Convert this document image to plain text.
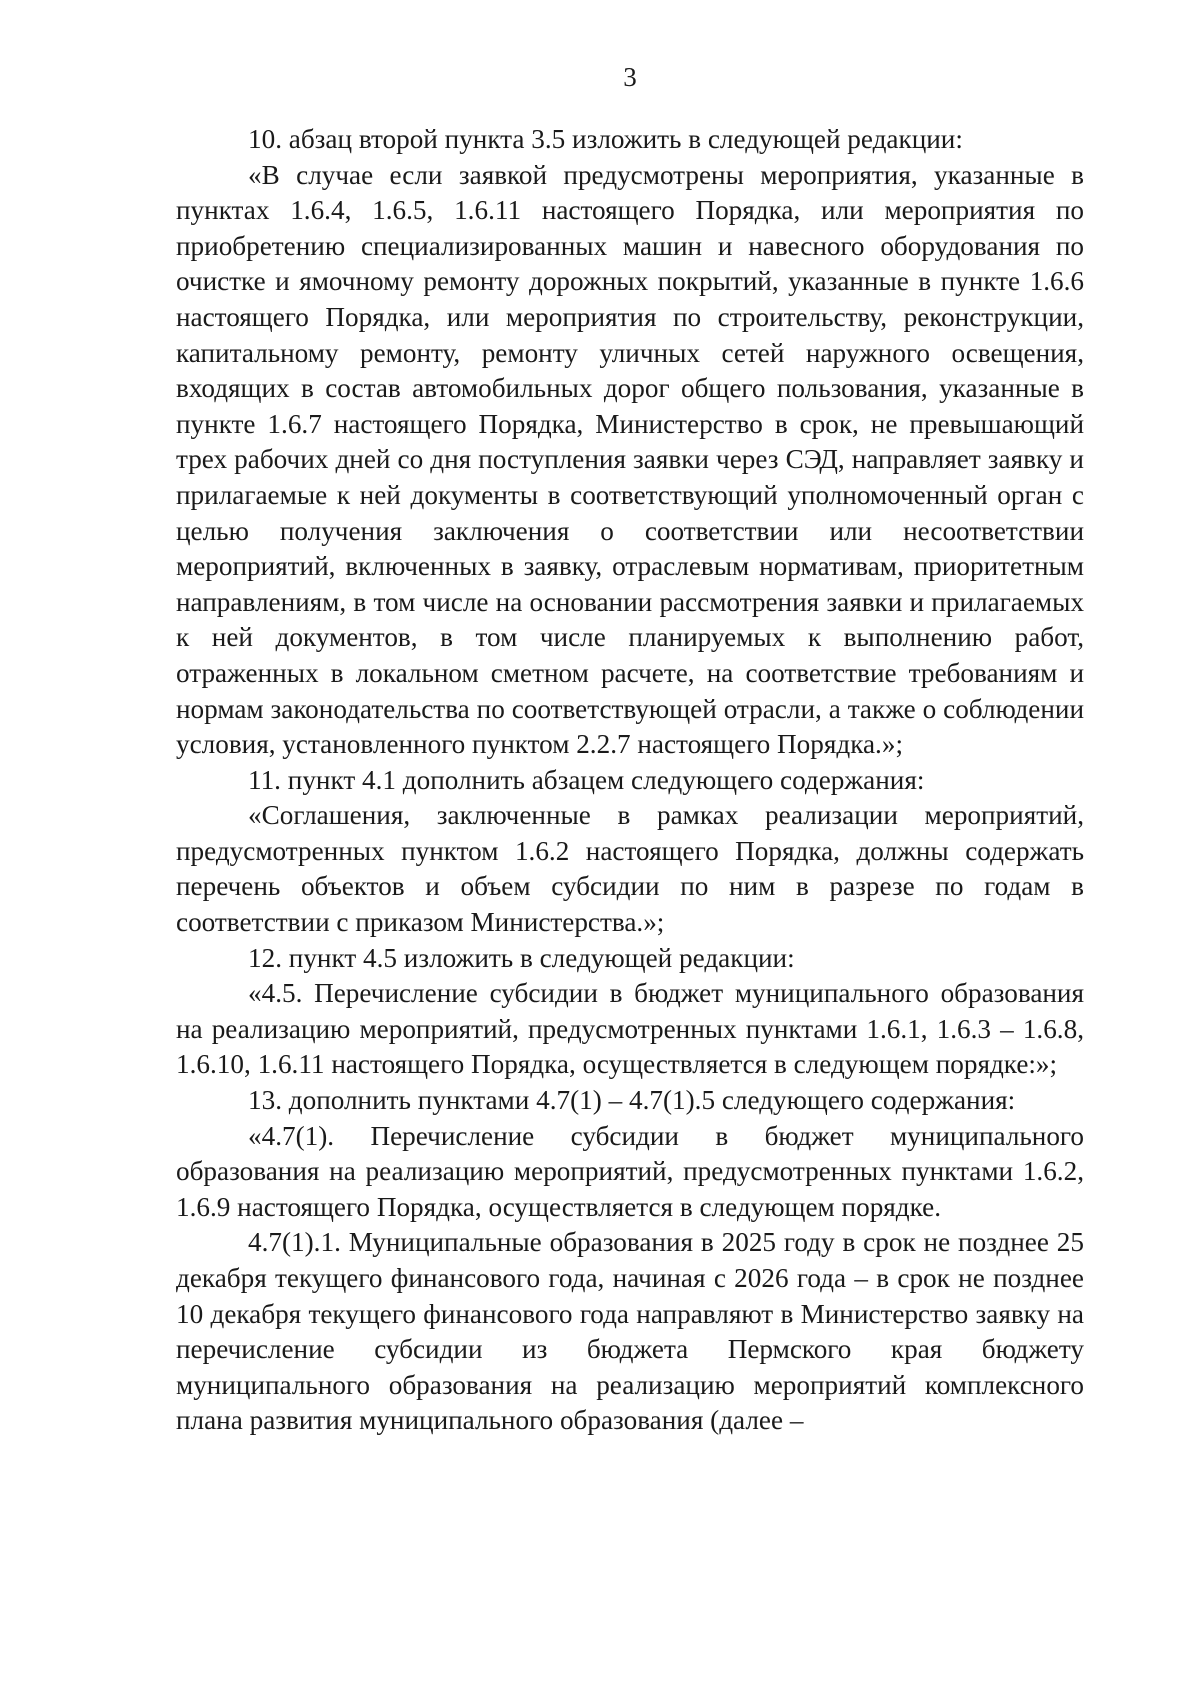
3

10. абзац второй пункта 3.5 изложить в следующей редакции:

«В случае если заявкой предусмотрены мероприятия, указанные в пунктах 1.6.4, 1.6.5, 1.6.11 настоящего Порядка, или мероприятия по приобретению специализированных машин и навесного оборудования по очистке и ямочному ремонту дорожных покрытий, указанные в пункте 1.6.6 настоящего Порядка, или мероприятия по строительству, реконструкции, капитальному ремонту, ремонту уличных сетей наружного освещения, входящих в состав автомобильных дорог общего пользования, указанные в пункте 1.6.7 настоящего Порядка, Министерство в срок, не превышающий трех рабочих дней со дня поступления заявки через СЭД, направляет заявку и прилагаемые к ней документы в соответствующий уполномоченный орган с целью получения заключения о соответствии или несоответствии мероприятий, включенных в заявку, отраслевым нормативам, приоритетным направлениям, в том числе на основании рассмотрения заявки и прилагаемых к ней документов, в том числе планируемых к выполнению работ, отраженных в локальном сметном расчете, на соответствие требованиям и нормам законодательства по соответствующей отрасли, а также о соблюдении условия, установленного пунктом 2.2.7 настоящего Порядка.»;

11. пункт 4.1 дополнить абзацем следующего содержания:

«Соглашения, заключенные в рамках реализации мероприятий, предусмотренных пунктом 1.6.2 настоящего Порядка, должны содержать перечень объектов и объем субсидии по ним в разрезе по годам в соответствии с приказом Министерства.»;

12. пункт 4.5 изложить в следующей редакции:

«4.5. Перечисление субсидии в бюджет муниципального образования на реализацию мероприятий, предусмотренных пунктами 1.6.1, 1.6.3 – 1.6.8, 1.6.10, 1.6.11 настоящего Порядка, осуществляется в следующем порядке:»;

13. дополнить пунктами 4.7(1) – 4.7(1).5 следующего содержания:

«4.7(1). Перечисление субсидии в бюджет муниципального образования на реализацию мероприятий, предусмотренных пунктами 1.6.2, 1.6.9 настоящего Порядка, осуществляется в следующем порядке.

4.7(1).1. Муниципальные образования в 2025 году в срок не позднее 25 декабря текущего финансового года, начиная с 2026 года – в срок не позднее 10 декабря текущего финансового года направляют в Министерство заявку на перечисление субсидии из бюджета Пермского края бюджету муниципального образования на реализацию мероприятий комплексного плана развития муниципального образования (далее –
